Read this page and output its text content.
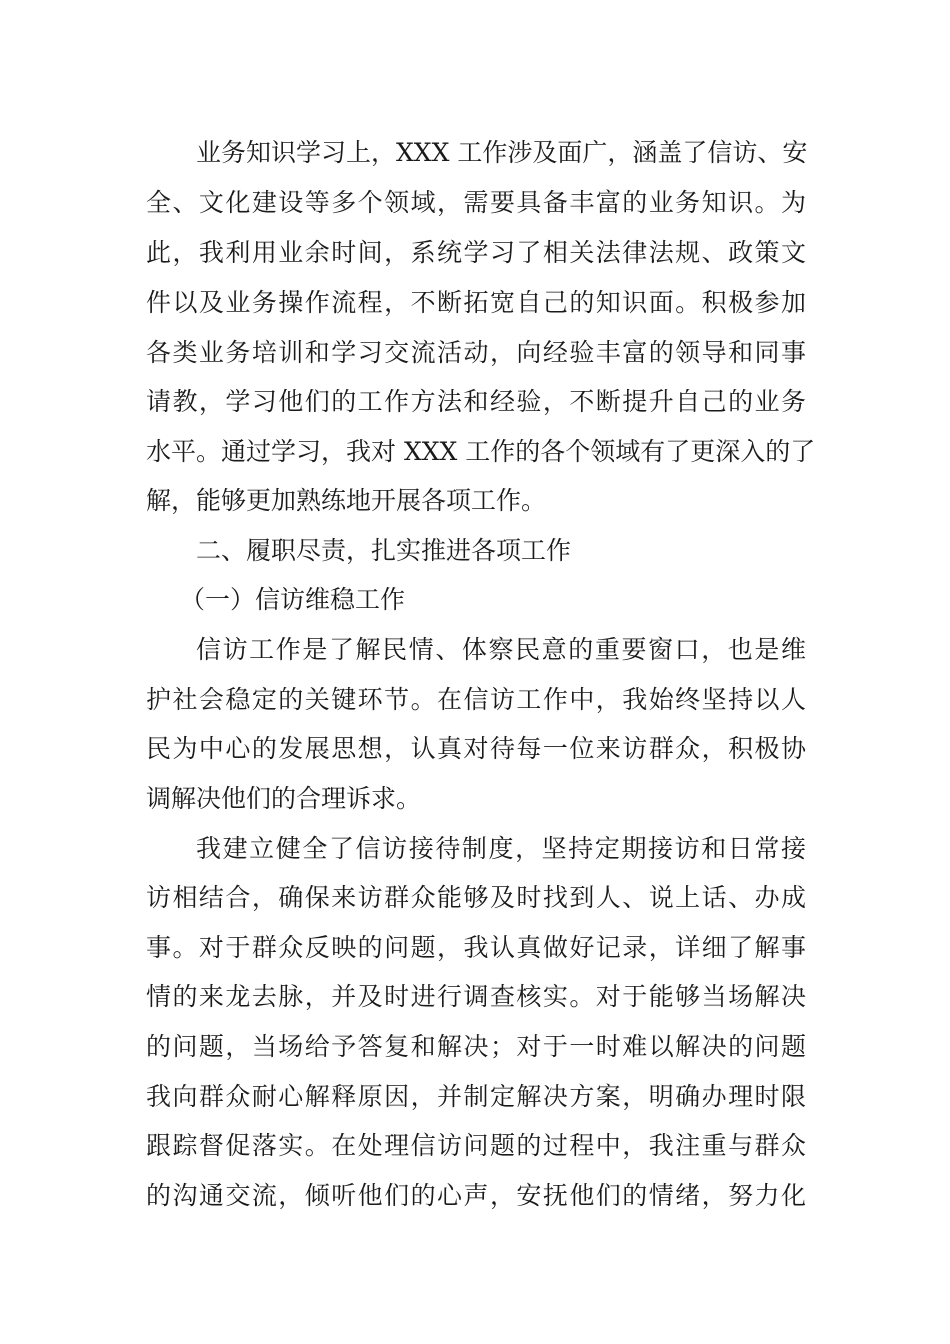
业务知识学习上，XXX 工作涉及面广，涵盖了信访、安
全、文化建设等多个领域，需要具备丰富的业务知识。为
此，我利用业余时间，系统学习了相关法律法规、政策文
件以及业务操作流程，不断拓宽自己的知识面。积极参加
各类业务培训和学习交流活动，向经验丰富的领导和同事
请教，学习他们的工作方法和经验，不断提升自己的业务
水平。通过学习，我对 XXX 工作的各个领域有了更深入的了
解，能够更加熟练地开展各项工作。
二、履职尽责，扎实推进各项工作
（一）信访维稳工作
信访工作是了解民情、体察民意的重要窗口，也是维
护社会稳定的关键环节。在信访工作中，我始终坚持以人
民为中心的发展思想，认真对待每一位来访群众，积极协
调解决他们的合理诉求。
我建立健全了信访接待制度，坚持定期接访和日常接
访相结合，确保来访群众能够及时找到人、说上话、办成
事。对于群众反映的问题，我认真做好记录，详细了解事
情的来龙去脉，并及时进行调查核实。对于能够当场解决
的问题，当场给予答复和解决；对于一时难以解决的问题
我向群众耐心解释原因，并制定解决方案，明确办理时限
跟踪督促落实。在处理信访问题的过程中，我注重与群众
的沟通交流，倾听他们的心声，安抚他们的情绪，努力化
